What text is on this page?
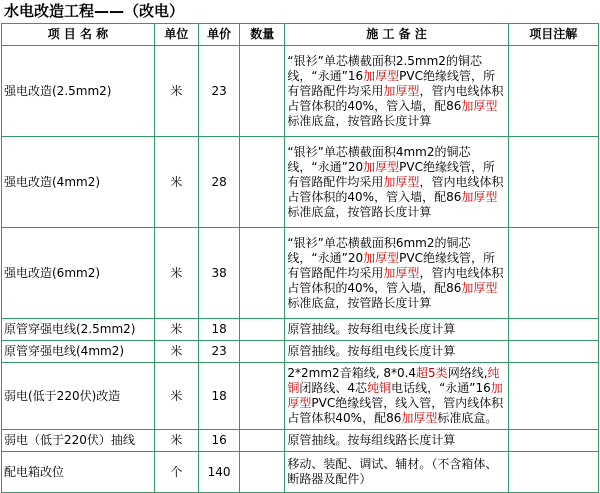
水电改造工程——（改电）
项 目 名 称	单位	单价	数量	施 工 备 注	项目注解
强电改造(2.5mm2)	米	23		“银衫”单芯横截面积2.5mm2的铜芯线，“永通”16加厚型PVC绝缘线管，所有管路配件均采用加厚型，管内电线体积占管体积的40%，管入墙，配86加厚型标准底盒，按管路长度计算	
强电改造(4mm2)	米	28		“银衫”单芯横截面积4mm2的铜芯线，“永通”20加厚型PVC绝缘线管，所有管路配件均采用加厚型，管内电线体积占管体积的40%，管入墙，配86加厚型标准底盒，按管路长度计算	
强电改造(6mm2)	米	38		“银衫”单芯横截面积6mm2的铜芯线，“永通”20加厚型PVC绝缘线管，所有管路配件均采用加厚型，管内电线体积占管体积的40%，管入墙，配86加厚型标准底盒，按管路长度计算	
原管穿强电线(2.5mm2)	米	18		原管抽线。按每组电线长度计算	
原管穿强电线(4mm2)	米	23		原管抽线。按每组电线长度计算	
弱电(低于220伏)改造	米	18		2*2mm2音箱线, 8*0.4超5类网络线,纯铜闭路线、4芯纯铜电话线，“永通”16加厚型PVC绝缘线管，线入管，管内线体积占管体积40%，配86加厚型标准底盒。	
弱电（低于220伏）抽线	米	16		原管抽线。按每组线路长度计算	
配电箱改位	个	140		移动、装配、调试、辅材。（不含箱体、断路器及配件）	
